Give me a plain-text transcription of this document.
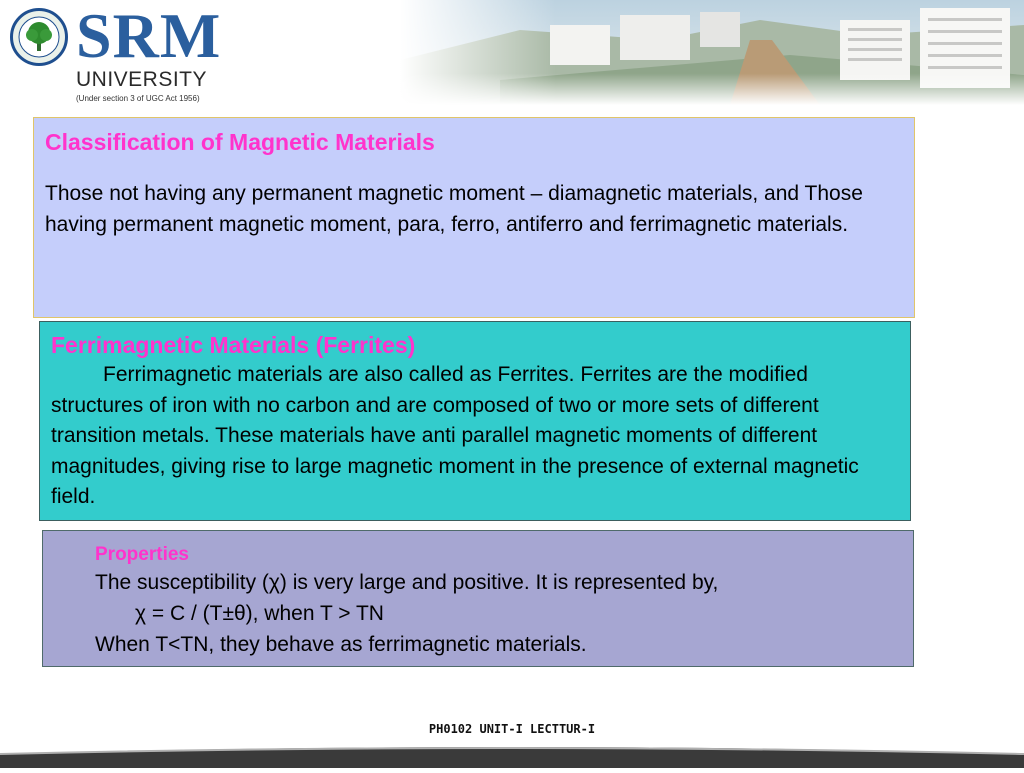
SRM
UNIVERSITY
(Under section 3 of UGC Act 1956)
Classification of Magnetic Materials
Those not having any permanent magnetic moment – diamagnetic materials, and Those having permanent magnetic moment, para, ferro, antiferro and ferrimagnetic materials.
Ferrimagnetic Materials (Ferrites)
Ferrimagnetic materials are also called as Ferrites. Ferrites are the modified structures of iron with no carbon and are composed of two or more sets of different transition metals. These materials have anti parallel magnetic moments of different magnitudes, giving rise to large magnetic moment in the presence of external magnetic field.
Properties
The susceptibility (χ) is very large and positive. It is represented by,
χ = C / (T±θ), when T > TN
When T<TN, they behave as ferrimagnetic materials.
PH0102 UNIT-I LECTTUR-I
